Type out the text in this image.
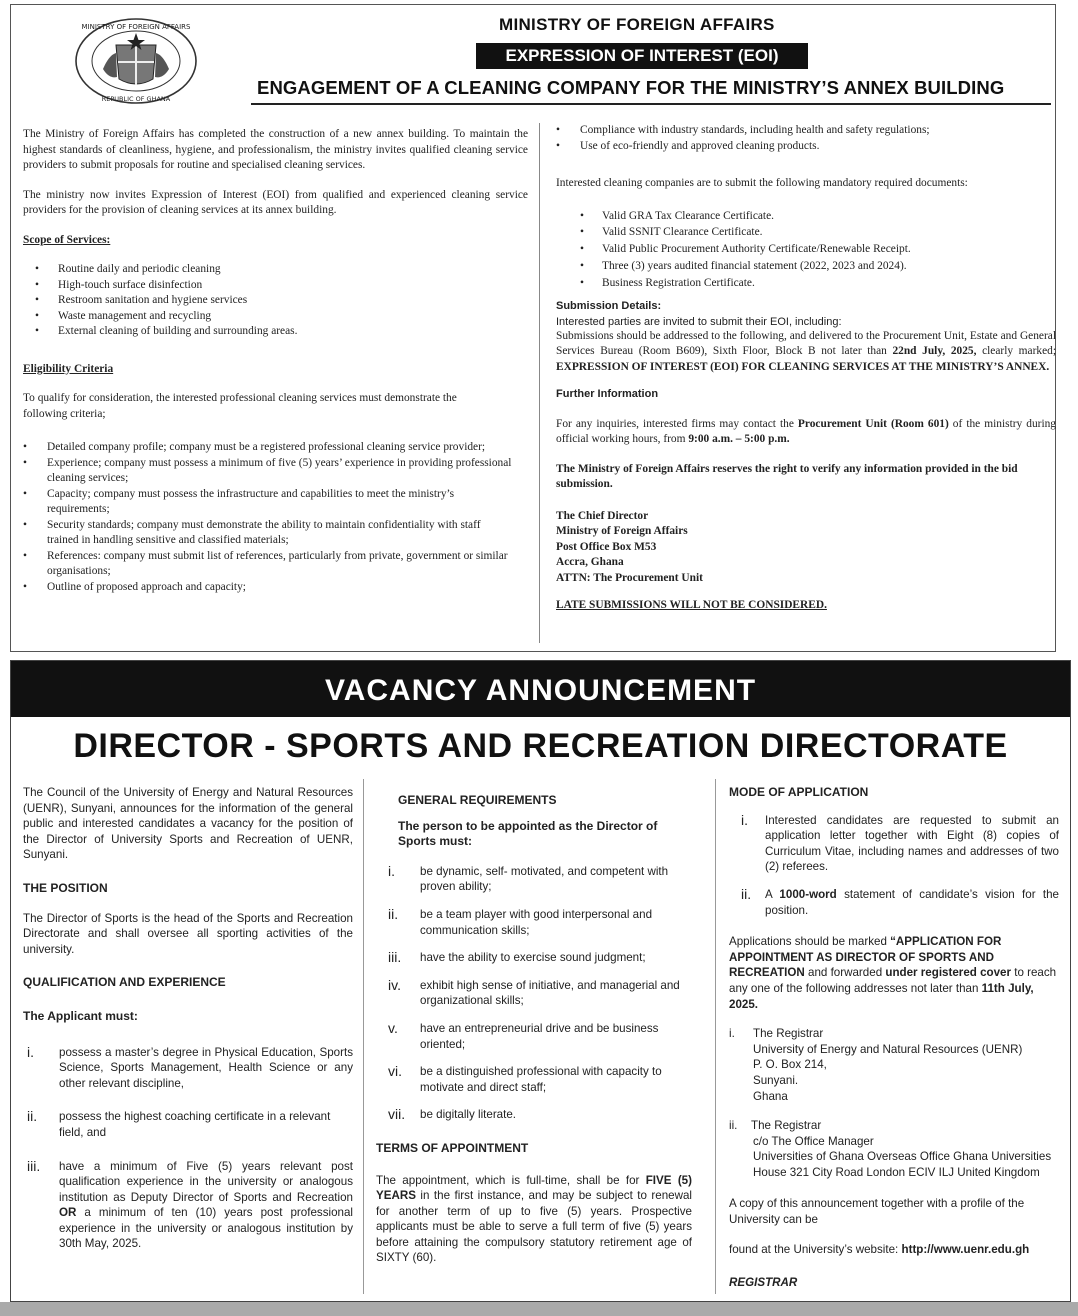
MINISTRY OF FOREIGN AFFAIRS
REPUBLIC OF GHANA
MINISTRY OF FOREIGN AFFAIRS
EXPRESSION OF INTEREST (EOI)
ENGAGEMENT OF A CLEANING COMPANY FOR THE MINISTRY’S ANNEX BUILDING

The Ministry of Foreign Affairs has completed the construction of a new annex building. To maintain the highest standards of cleanliness, hygiene, and professionalism, the ministry invites qualified cleaning service providers to submit proposals for routine and specialised cleaning services.

The ministry now invites Expression of Interest (EOI) from qualified and experienced cleaning service providers for the provision of cleaning services at its annex building.

Scope of Services:
• Routine daily and periodic cleaning
• High-touch surface disinfection
• Restroom sanitation and hygiene services
• Waste management and recycling
• External cleaning of building and surrounding areas.
Eligibility Criteria

To qualify for consideration, the interested professional cleaning services must demonstrate the following criteria;

• Detailed company profile; company must be a registered professional cleaning service provider;
• Experience; company must possess a minimum of five (5) years’ experience in providing professional cleaning services;
• Capacity; company must possess the infrastructure and capabilities to meet the ministry’s requirements;
• Security standards; company must demonstrate the ability to maintain confidentiality with staff trained in handling sensitive and classified materials;
• References: company must submit list of references, particularly from private, government or similar organisations;
• Outline of proposed approach and capacity;
• Compliance with industry standards, including health and safety regulations;
• Use of eco-friendly and approved cleaning products.

Interested cleaning companies are to submit the following mandatory required documents:

• Valid GRA Tax Clearance Certificate.
• Valid SSNIT Clearance Certificate.
• Valid Public Procurement Authority Certificate/Renewable Receipt.
• Three (3) years audited financial statement (2022, 2023 and 2024).
• Business Registration Certificate.
Submission Details:
Interested parties are invited to submit their EOI, including:

Submissions should be addressed to the following, and delivered to the Procurement Unit, Estate and General Services Bureau (Room B609), Sixth Floor, Block B not later than 22nd July, 2025, clearly marked; EXPRESSION OF INTEREST (EOI) FOR CLEANING SERVICES AT THE MINISTRY’S ANNEX.

Further Information

For any inquiries, interested firms may contact the Procurement Unit (Room 601) of the ministry during official working hours, from 9:00 a.m. – 5:00 p.m.

The Ministry of Foreign Affairs reserves the right to verify any information provided in the bid submission.

The Chief Director
Ministry of Foreign Affairs
Post Office Box M53
Accra, Ghana
ATTN: The Procurement Unit
LATE SUBMISSIONS WILL NOT BE CONSIDERED.
VACANCY ANNOUNCEMENT
DIRECTOR - SPORTS AND RECREATION DIRECTORATE

The Council of the University of Energy and Natural Resources (UENR), Sunyani, announces for the information of the general public and interested candidates a vacancy for the position of the Director of University Sports and Recreation of UENR, Sunyani.

THE POSITION

The Director of Sports is the head of the Sports and Recreation Directorate and shall oversee all sporting activities of the university.

QUALIFICATION AND EXPERIENCE
The Applicant must:
i.	possess a master’s degree in Physical Education, Sports Science, Sports Management, Health Science or any other relevant discipline,
ii.	possess the highest coaching certificate in a relevant field, and
iii.	have a minimum of Five (5) years relevant post qualification experience in the university or analogous institution as Deputy Director of Sports and Recreation OR a minimum of ten (10) years post professional experience in the university or analogous institution by 30th May, 2025.
GENERAL REQUIREMENTS
The person to be appointed as the Director of Sports must:
i.	be dynamic, self- motivated, and competent with proven ability;
ii.	be a team player with good interpersonal and communication skills;
iii.	have the ability to exercise sound judgment;
iv.	exhibit high sense of initiative, and managerial and organizational skills;
v.	have an entrepreneurial drive and be business oriented;
vi.	be a distinguished professional with capacity to motivate and direct staff;
vii.	be digitally literate.
TERMS OF APPOINTMENT

The appointment, which is full-time, shall be for FIVE (5) YEARS in the first instance, and may be subject to renewal for another term of up to five (5) years. Prospective applicants must be able to serve a full term of five (5) years before attaining the compulsory statutory retirement age of SIXTY (60).

MODE OF APPLICATION
i.	Interested candidates are requested to submit an application letter together with Eight (8) copies of Curriculum Vitae, including names and addresses of two (2) referees.
ii.	A 1000-word statement of candidate’s vision for the position.

Applications should be marked “APPLICATION FOR APPOINTMENT AS DIRECTOR OF SPORTS AND RECREATION and forwarded under registered cover to reach any one of the following addresses not later than 11th July, 2025.

i.	The Registrar
University of Energy and Natural Resources (UENR)
P. O. Box 214,
Sunyani.
Ghana
ii.	The Registrar
c/o The Office Manager
Universities of Ghana Overseas Office Ghana Universities House 321 City Road London ECIV ILJ United Kingdom

A copy of this announcement together with a profile of the University can be

found at the University’s website: http://www.uenr.edu.gh

REGISTRAR
